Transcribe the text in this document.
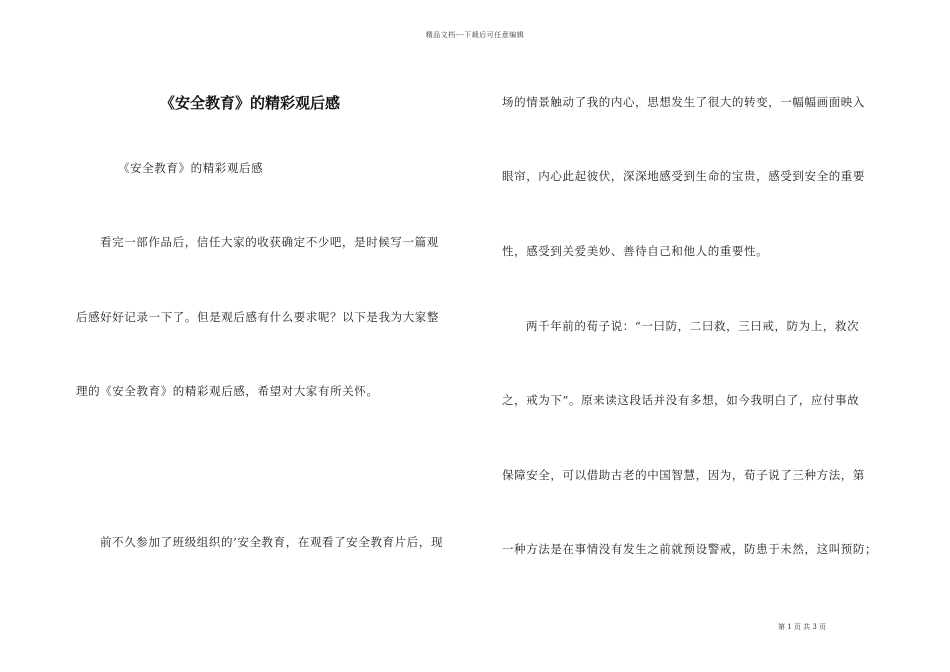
精品文档---下载后可任意编辑
《安全教育》的精彩观后感
《安全教育》的精彩观后感
看完一部作品后，信任大家的收获确定不少吧，是时候写一篇观
后感好好记录一下了。但是观后感有什么要求呢？以下是我为大家整
理的《安全教育》的精彩观后感，希望对大家有所关怀。
前不久参加了班级组织的’安全教育，在观看了安全教育片后，现
场的情景触动了我的内心，思想发生了很大的转变，一幅幅画面映入
眼帘，内心此起彼伏，深深地感受到生命的宝贵，感受到安全的重要
性，感受到关爱美妙、善待自己和他人的重要性。
两千年前的荀子说：“一曰防，二曰救，三曰戒，防为上，救次
之，戒为下”。原来读这段话并没有多想，如今我明白了，应付事故
保障安全，可以借助古老的中国智慧，因为，荀子说了三种方法，第
一种方法是在事情没有发生之前就预设警戒，防患于未然，这叫预防；
第 1 页 共 3 页
